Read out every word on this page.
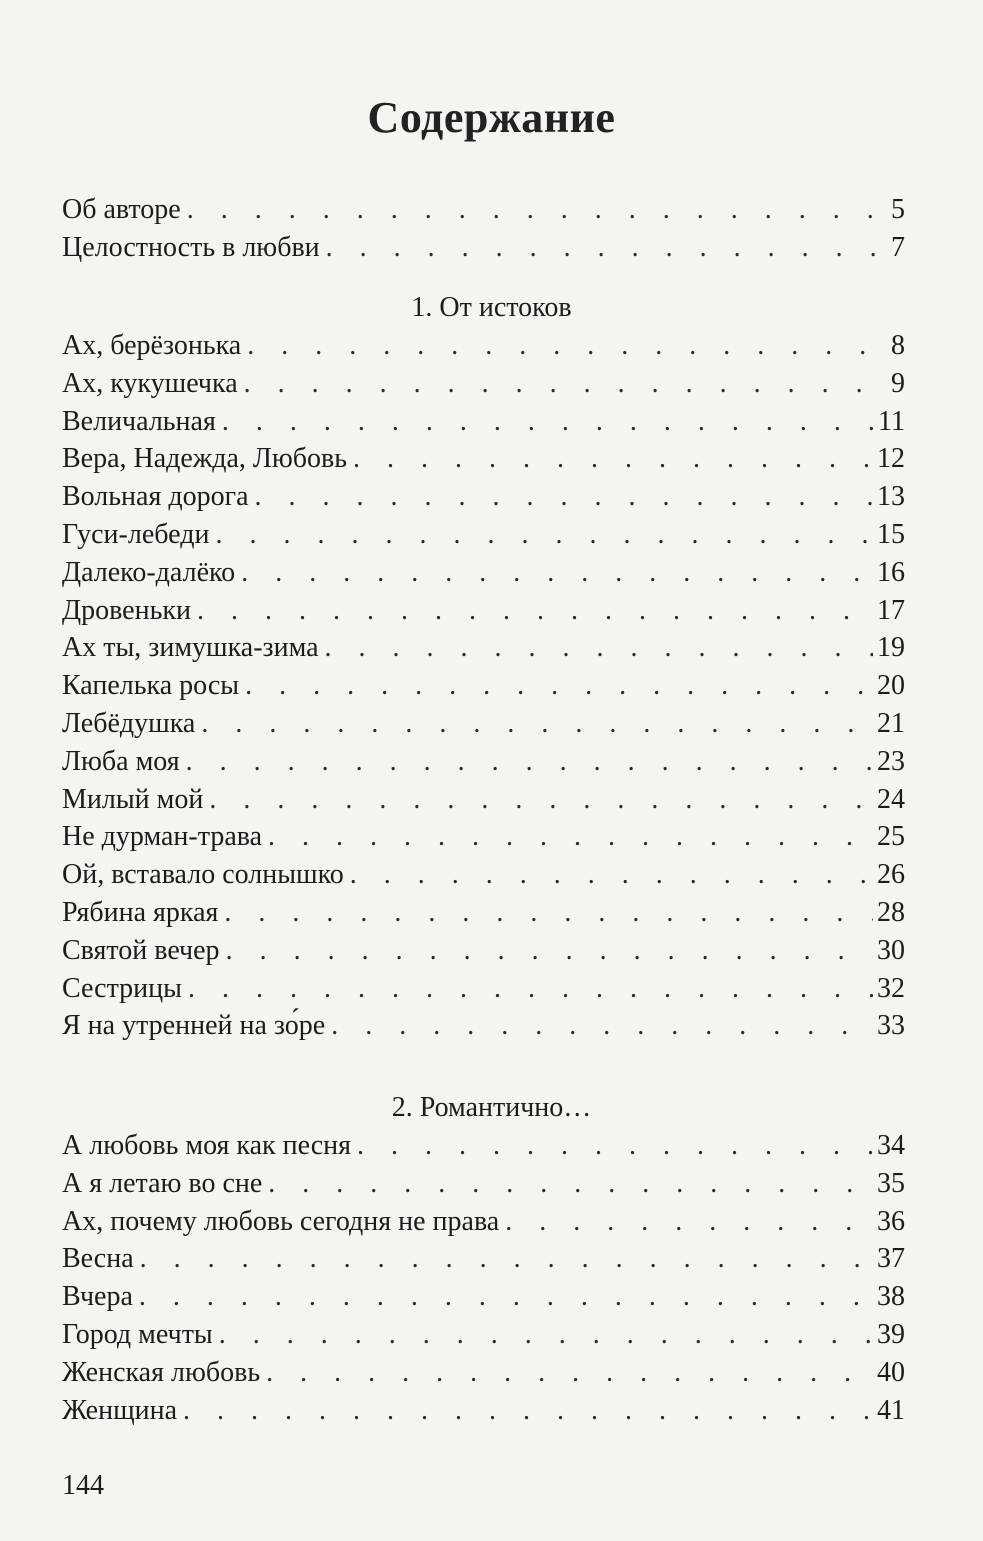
Содержание
Об авторе . . .	5
Целостность в любви . . .	7
1. От истоков
Ах, берёзонька . . .	8
Ах, кукушечка . . .	9
Величальная . . .	11
Вера, Надежда, Любовь . . .	12
Вольная дорога . . .	13
Гуси-лебеди . . .	15
Далеко-далёко . . .	16
Дровеньки . . .	17
Ах ты, зимушка-зима . . .	19
Капелька росы . . .	20
Лебёдушка . . .	21
Люба моя . . .	23
Милый мой . . .	24
Не дурман-трава . . .	25
Ой, вставало солнышко . . .	26
Рябина яркая . . .	28
Святой вечер . . .	30
Сестрицы . . .	32
Я на утренней на зо́ре . . .	33
2. Романтично…
А любовь моя как песня . . .	34
А я летаю во сне . . .	35
Ах, почему любовь сегодня не права . . .	36
Весна . . .	37
Вчера . . .	38
Город мечты . . .	39
Женская любовь . . .	40
Женщина . . .	41
144
